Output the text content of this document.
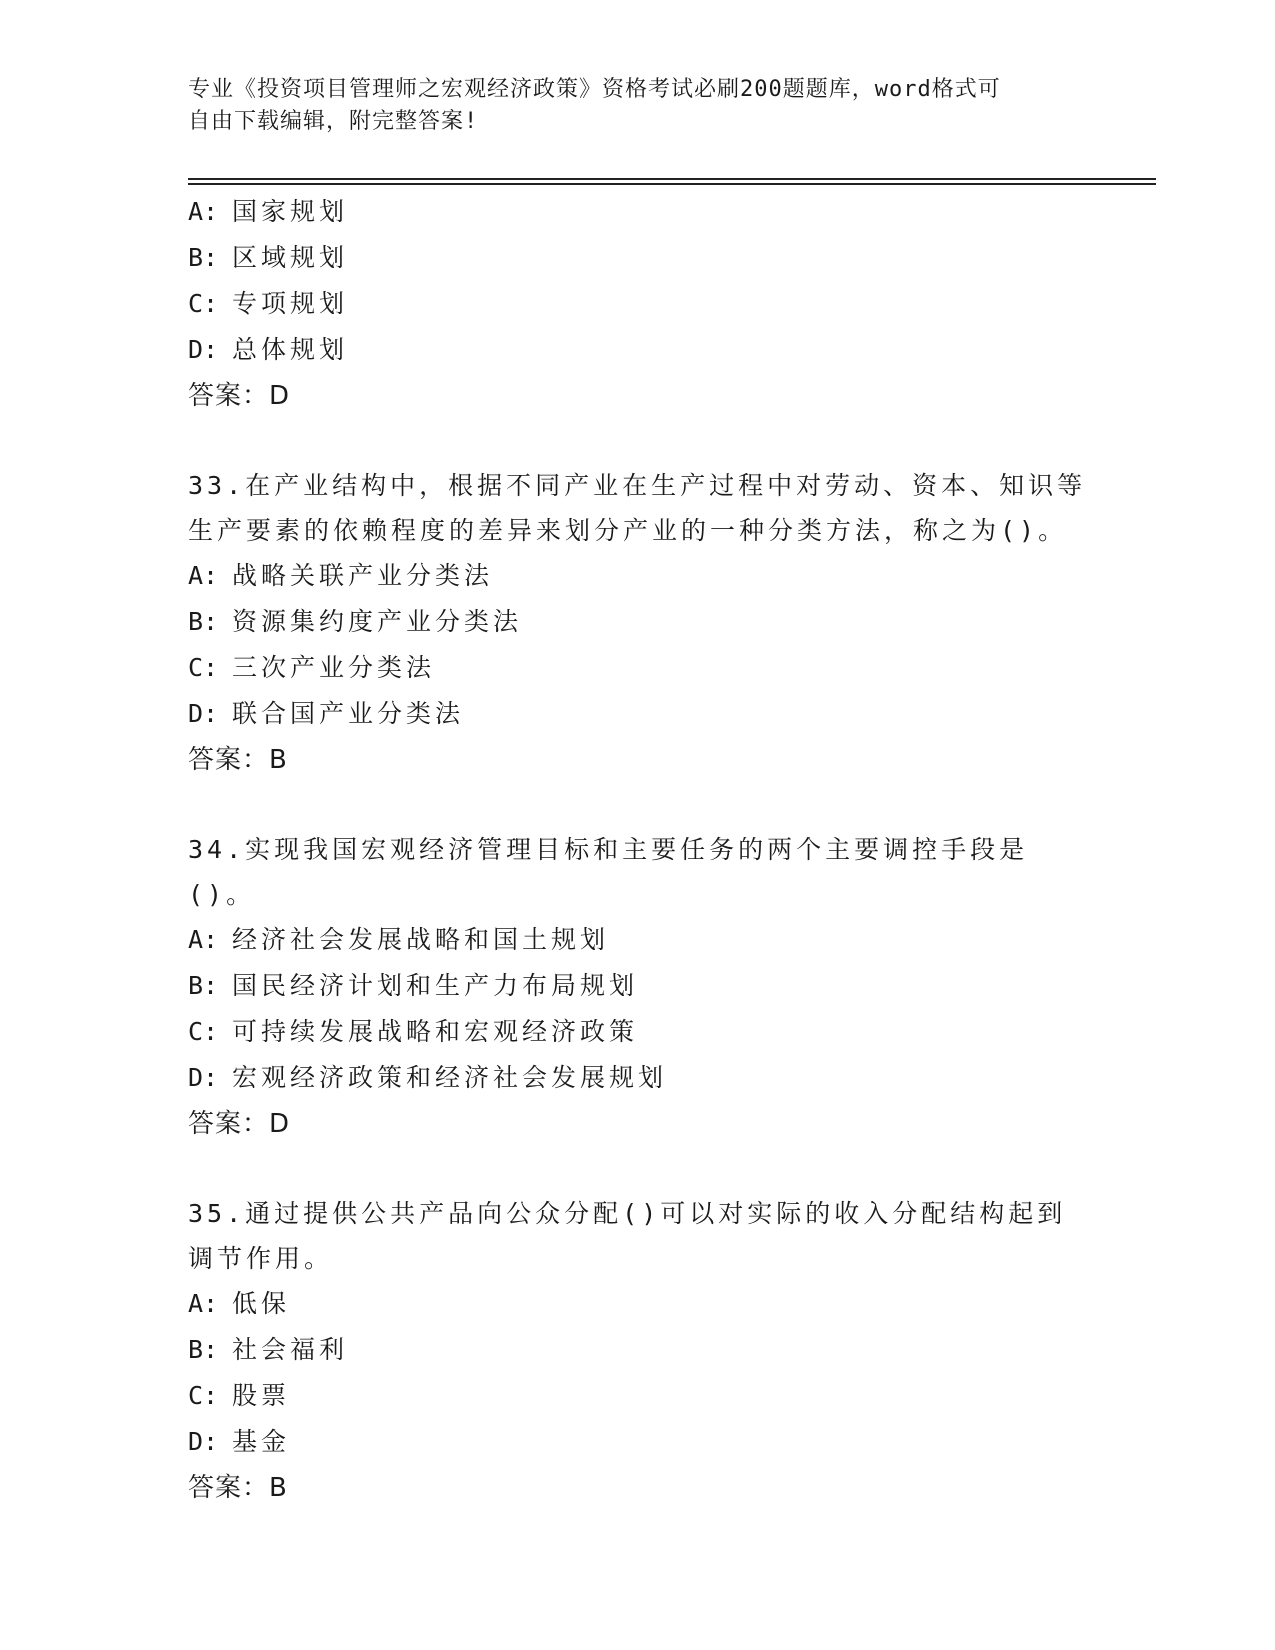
专业《投资项目管理师之宏观经济政策》资格考试必刷200题题库，word格式可
自由下载编辑，附完整答案!

A: 国家规划

B: 区域规划

C: 专项规划

D: 总体规划

答案：D

33.在产业结构中，根据不同产业在生产过程中对劳动、资本、知识等生产要素的依赖程度的差异来划分产业的一种分类方法，称之为()。

A: 战略关联产业分类法

B: 资源集约度产业分类法

C: 三次产业分类法

D: 联合国产业分类法

答案：B

34.实现我国宏观经济管理目标和主要任务的两个主要调控手段是()。

A: 经济社会发展战略和国土规划

B: 国民经济计划和生产力布局规划

C: 可持续发展战略和宏观经济政策

D: 宏观经济政策和经济社会发展规划

答案：D

35.通过提供公共产品向公众分配()可以对实际的收入分配结构起到调节作用。

A: 低保

B: 社会福利

C: 股票

D: 基金

答案：B
